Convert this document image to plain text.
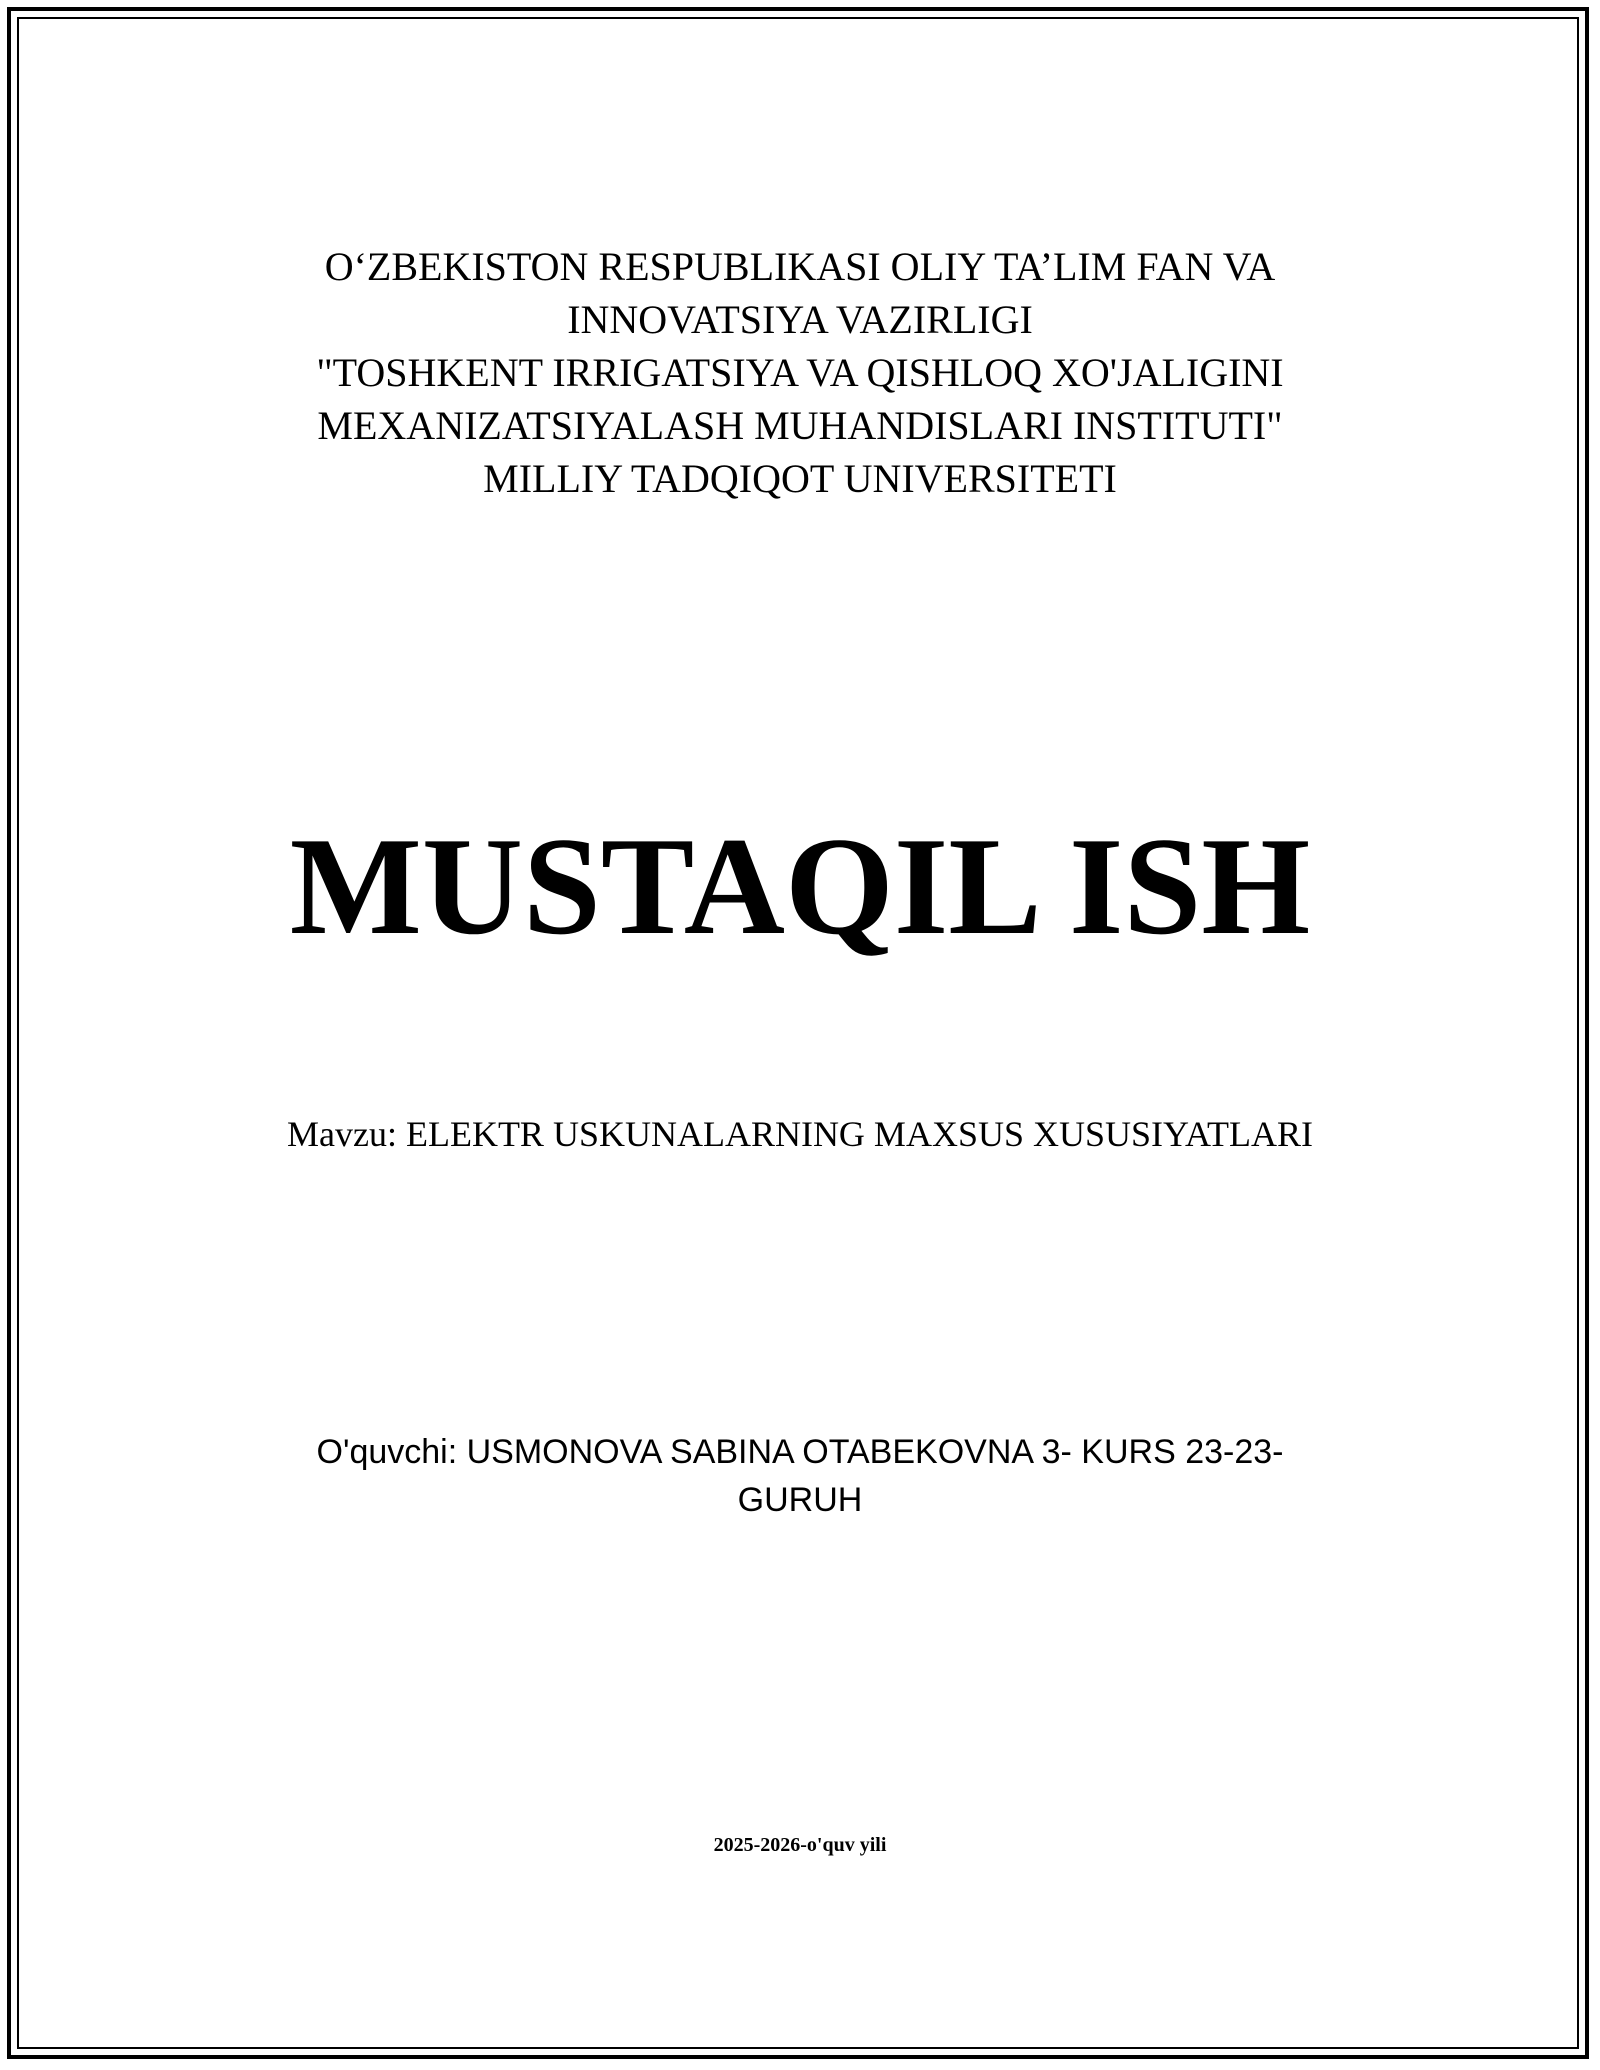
O‘ZBEKISTON RESPUBLIKASI OLIY TA’LIM FAN VA
INNOVATSIYA VAZIRLIGI
"TOSHKENT IRRIGATSIYA VA QISHLOQ XO'JALIGINI
MEXANIZATSIYALASH MUHANDISLARI INSTITUTI"
MILLIY TADQIQOT UNIVERSITETI
MUSTAQIL ISH
Mavzu: ELEKTR USKUNALARNING MAXSUS XUSUSIYATLARI
O'quvchi: USMONOVA SABINA OTABEKOVNA 3- KURS 23-23-
GURUH
2025-2026-o'quv yili
